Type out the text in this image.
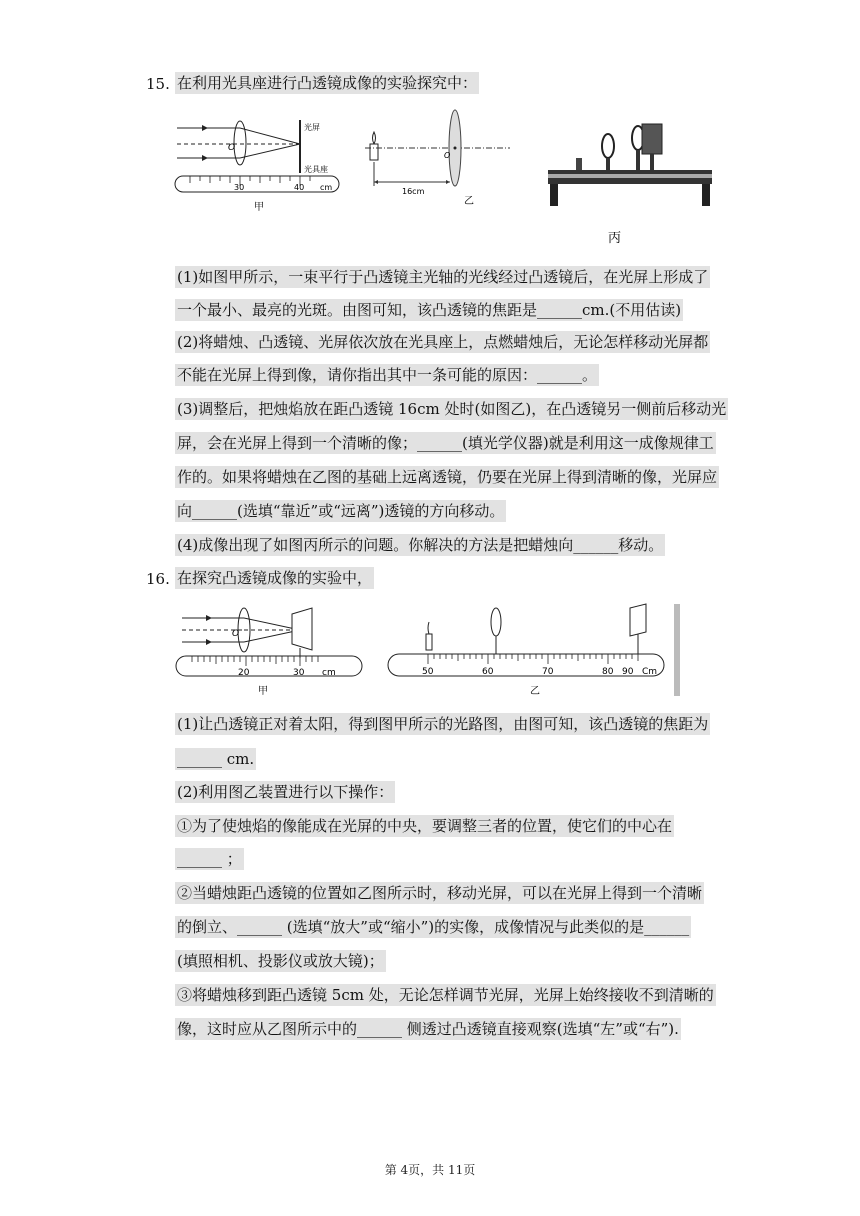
15. 在利用光具座进行凸透镜成像的实验探究中：
光屏
光具座
O
30	40 cm
甲
O
16cm
乙
丙
(1)如图甲所示，一束平行于凸透镜主光轴的光线经过凸透镜后，在光屏上形成了
一个最小、最亮的光斑。由图可知，该凸透镜的焦距是______cm.(不用估读)
(2)将蜡烛、凸透镜、光屏依次放在光具座上，点燃蜡烛后，无论怎样移动光屏都
不能在光屏上得到像，请你指出其中一条可能的原因：______。
(3)调整后，把烛焰放在距凸透镜 16cm 处时(如图乙)，在凸透镜另一侧前后移动光
屏，会在光屏上得到一个清晰的像；______(填光学仪器)就是利用这一成像规律工
作的。如果将蜡烛在乙图的基础上远离透镜，仍要在光屏上得到清晰的像，光屏应
向______(选填“靠近”或“远离”)透镜的方向移动。
(4)成像出现了如图丙所示的问题。你解决的方法是把蜡烛向______移动。
16. 在探究凸透镜成像的实验中，
O
20	30 cm
甲
50	60	70	80 90 Cm
乙
(1)让凸透镜正对着太阳，得到图甲所示的光路图，由图可知，该凸透镜的焦距为
______ cm.
(2)利用图乙装置进行以下操作：
①为了使烛焰的像能成在光屏的中央，要调整三者的位置，使它们的中心在
______ ；
②当蜡烛距凸透镜的位置如乙图所示时，移动光屏，可以在光屏上得到一个清晰
的倒立、______ (选填“放大”或“缩小”)的实像，成像情况与此类似的是______
(填照相机、投影仪或放大镜)；
③将蜡烛移到距凸透镜 5cm 处，无论怎样调节光屏，光屏上始终接收不到清晰的
像，这时应从乙图所示中的______ 侧透过凸透镜直接观察(选填“左”或“右”).
第 4页，共 11页
